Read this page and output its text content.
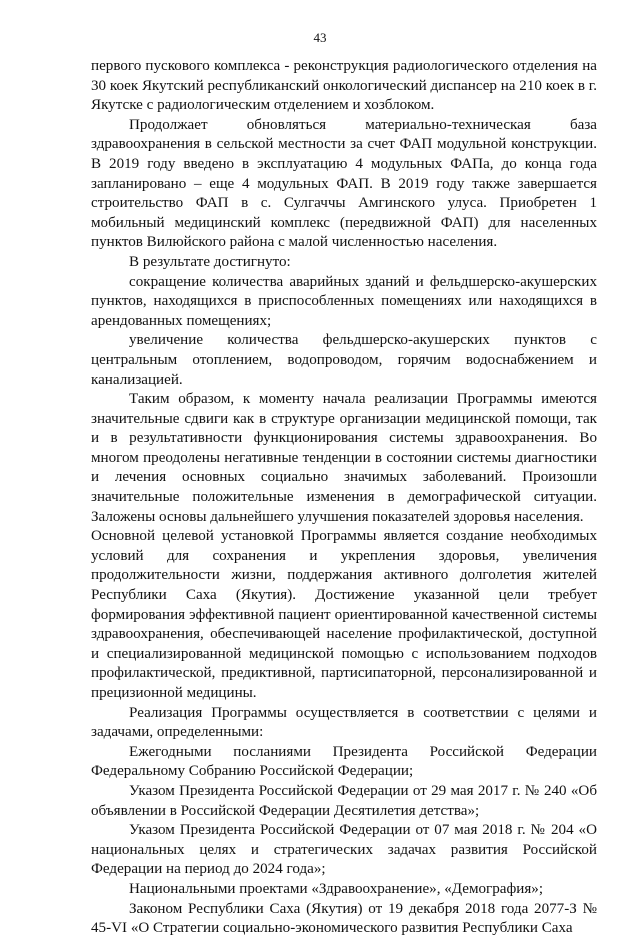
43

первого пускового комплекса - реконструкция радиологического отделения на 30 коек Якутский республиканский онкологический диспансер на 210 коек в г. Якутске с радиологическим отделением и хозблоком.

Продолжает обновляться материально-техническая база здравоохранения в сельской местности за счет ФАП модульной конструкции. В 2019 году введено в эксплуатацию 4 модульных ФАПа, до конца года запланировано – еще 4 модульных ФАП. В 2019 году также завершается строительство ФАП в с. Сулгаччы Амгинского улуса. Приобретен 1 мобильный медицинский комплекс (передвижной ФАП) для населенных пунктов Вилюйского района с малой численностью населения.

В результате достигнуто:

сокращение количества аварийных зданий и фельдшерско-акушерских пунктов, находящихся в приспособленных помещениях или находящихся в арендованных помещениях;

увеличение количества фельдшерско-акушерских пунктов с центральным отоплением, водопроводом, горячим водоснабжением и канализацией.

Таким образом, к моменту начала реализации Программы имеются значительные сдвиги как в структуре организации медицинской помощи, так и в результативности функционирования системы здравоохранения. Во многом преодолены негативные тенденции в состоянии системы диагностики и лечения основных социально значимых заболеваний. Произошли значительные положительные изменения в демографической ситуации. Заложены основы дальнейшего улучшения показателей здоровья населения.

Основной целевой установкой Программы является создание необходимых условий для сохранения и укрепления здоровья, увеличения продолжительности жизни, поддержания активного долголетия жителей Республики Саха (Якутия). Достижение указанной цели требует формирования эффективной пациент ориентированной качественной системы здравоохранения, обеспечивающей население профилактической, доступной и специализированной медицинской помощью с использованием подходов профилактической, предиктивной, партисипаторной, персонализированной и прецизионной медицины.

Реализация Программы осуществляется в соответствии с целями и задачами, определенными:

Ежегодными посланиями Президента Российской Федерации Федеральному Собранию Российской Федерации;

Указом Президента Российской Федерации от 29 мая 2017 г. № 240 «Об объявлении в Российской Федерации Десятилетия детства»;

Указом Президента Российской Федерации от 07 мая 2018 г. № 204 «О национальных целях и стратегических задачах развития Российской Федерации на период до 2024 года»;

Национальными проектами «Здравоохранение», «Демография»;

Законом Республики Саха (Якутия) от 19 декабря 2018 года 2077-З № 45-VI «О Стратегии социально-экономического развития Республики Саха
